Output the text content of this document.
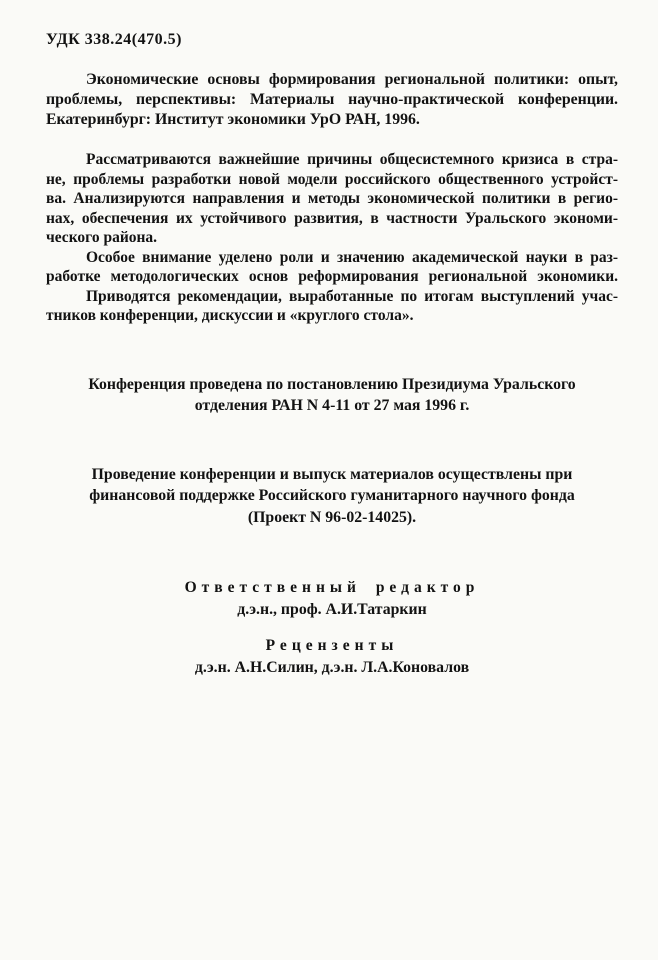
УДК 338.24(470.5)
Экономические основы формирования региональной политики: опыт,
проблемы, перспективы: Материалы научно-практической конференции.
Екатеринбург: Институт экономики УрО РАН, 1996.
Рассматриваются важнейшие причины общесистемного кризиса в стра-
не, проблемы разработки новой модели российского общественного устройст-
ва. Анализируются направления и методы экономической политики в регио-
нах, обеспечения их устойчивого развития, в частности Уральского экономи-
ческого района.
Особое внимание уделено роли и значению академической науки в раз-
работке методологических основ реформирования региональной экономики.
Приводятся рекомендации, выработанные по итогам выступлений учас-
тников конференции, дискуссии и «круглого стола».
Конференция проведена по постановлению Президиума Уральского
отделения РАН N 4-11 от 27 мая 1996 г.
Проведение конференции и выпуск материалов осуществлены при
финансовой поддержке Российского гуманитарного научного фонда
(Проект N 96-02-14025).
Ответственный редактор
д.э.н., проф. А.И.Татаркин
Рецензенты
д.э.н. А.Н.Силин, д.э.н. Л.А.Коновалов
